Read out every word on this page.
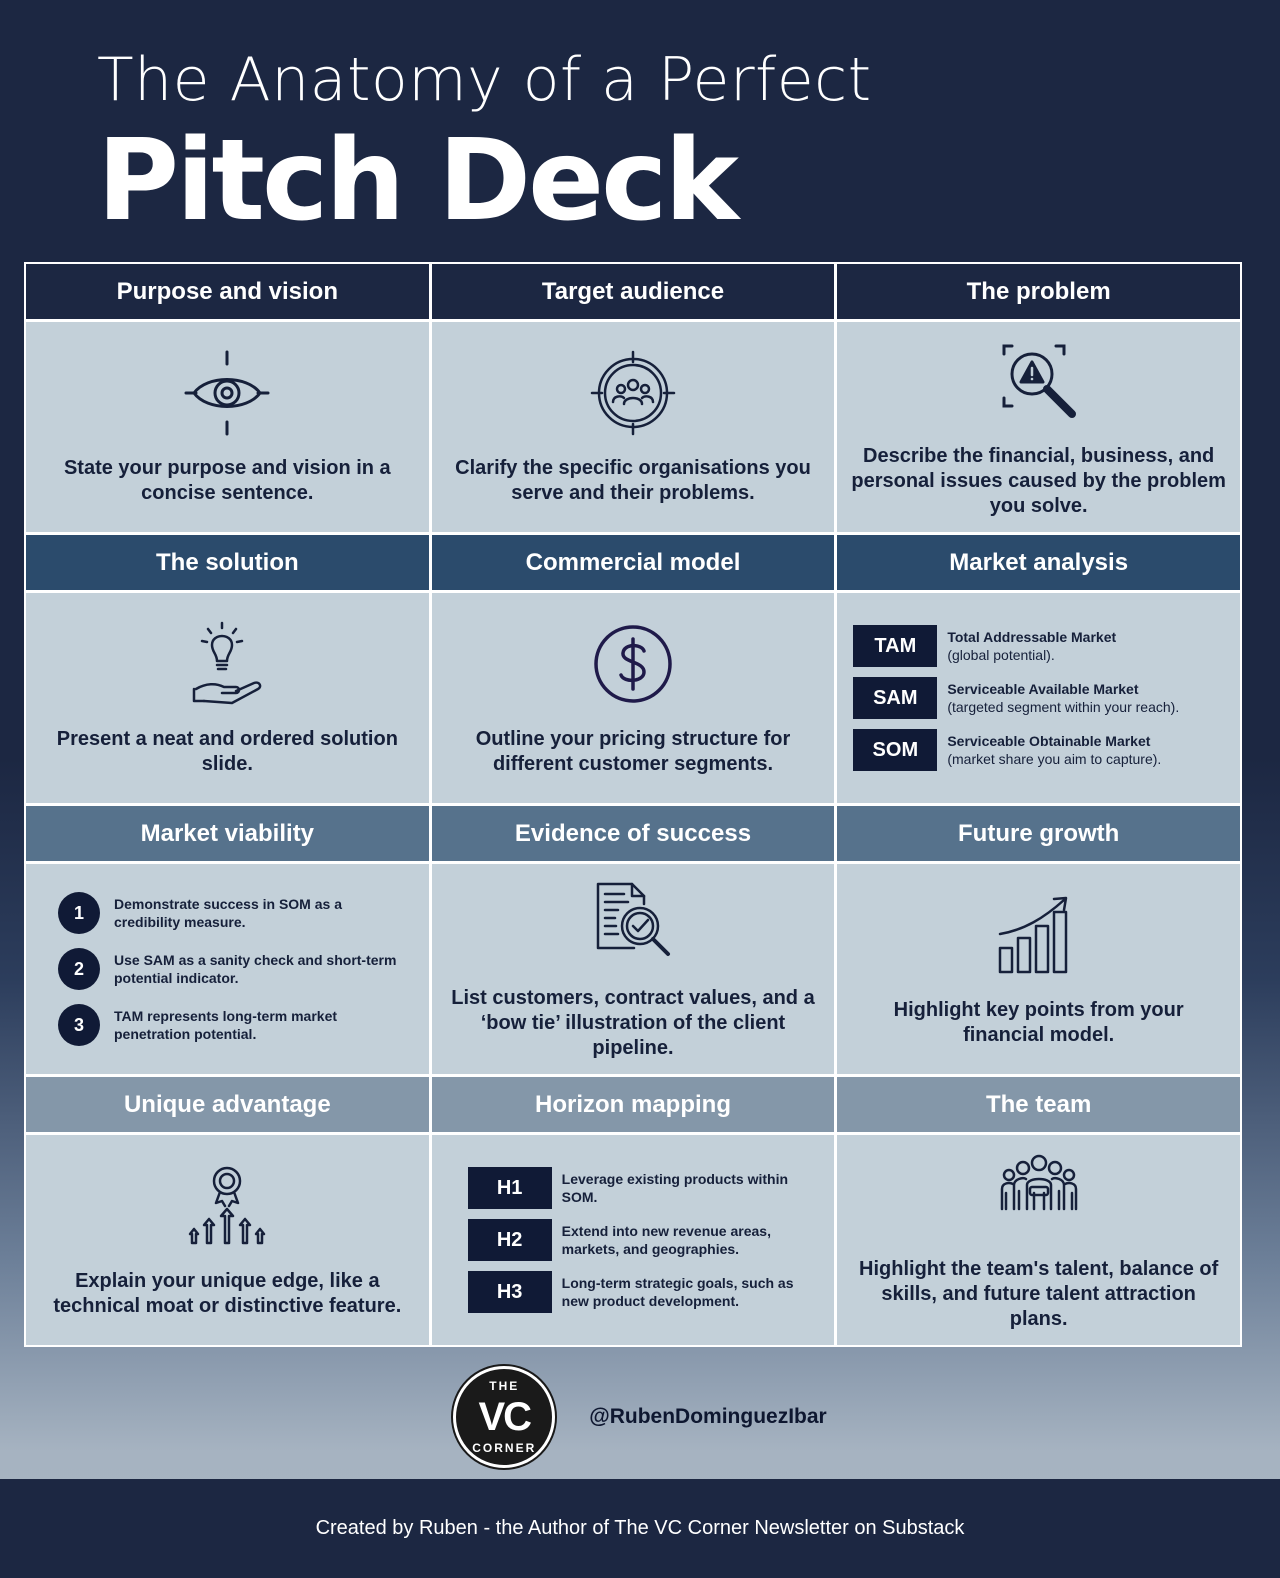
The Anatomy of a Perfect
Pitch Deck
Purpose and vision
State your purpose and vision in a concise sentence.
Target audience
Clarify the specific organisations you serve and their problems.
The problem
Describe the financial, business, and personal issues caused by the problem you solve.
The solution
Present a neat and ordered solution slide.
Commercial model
Outline your pricing structure for different customer segments.
Market analysis
TAM	Total Addressable Market
(global potential).
SAM	Serviceable Available Market
(targeted segment within your reach).
SOM	Serviceable Obtainable Market
(market share you aim to capture).
Market viability
1	Demonstrate success in SOM as a credibility measure.
2	Use SAM as a sanity check and short-term potential indicator.
3	TAM represents long-term market penetration potential.
Evidence of success
List customers, contract values, and a ‘bow tie’ illustration of the client pipeline.
Future growth
Highlight key points from your financial model.
Unique advantage
Explain your unique edge, like a technical moat or distinctive feature.
Horizon mapping
H1	Leverage existing products within SOM.
H2	Extend into new revenue areas, markets, and geographies.
H3	Long-term strategic goals, such as new product development.
The team
Highlight the team's talent, balance of skills, and future talent attraction plans.
THE
VC
CORNER
@RubenDominguezIbar
Created by Ruben - the Author of The VC Corner Newsletter on Substack
